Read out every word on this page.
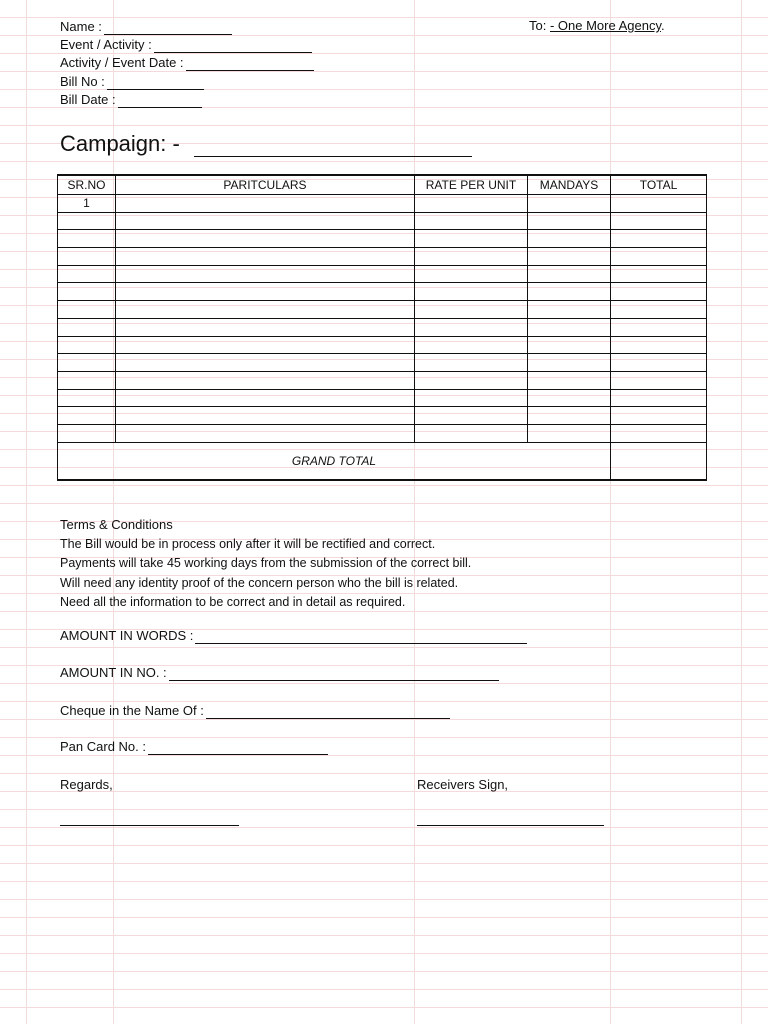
Name :
Event / Activity :
Activity / Event Date :
Bill No :
Bill Date :
To: - One More Agency.
Campaign: -
SR.NO	PARITCULARS	RATE PER UNIT	MANDAYS	TOTAL
1				

GRAND TOTAL				
Terms & Conditions
The Bill would be in process only after it will be rectified and correct.
Payments will take 45 working days from the submission of the correct bill.
Will need any identity proof of the concern person who the bill is related.
Need all the information to be correct and in detail as required.
AMOUNT IN WORDS :
AMOUNT IN NO. :
Cheque in the Name Of :
Pan Card No. :
Regards,	Receivers Sign,
